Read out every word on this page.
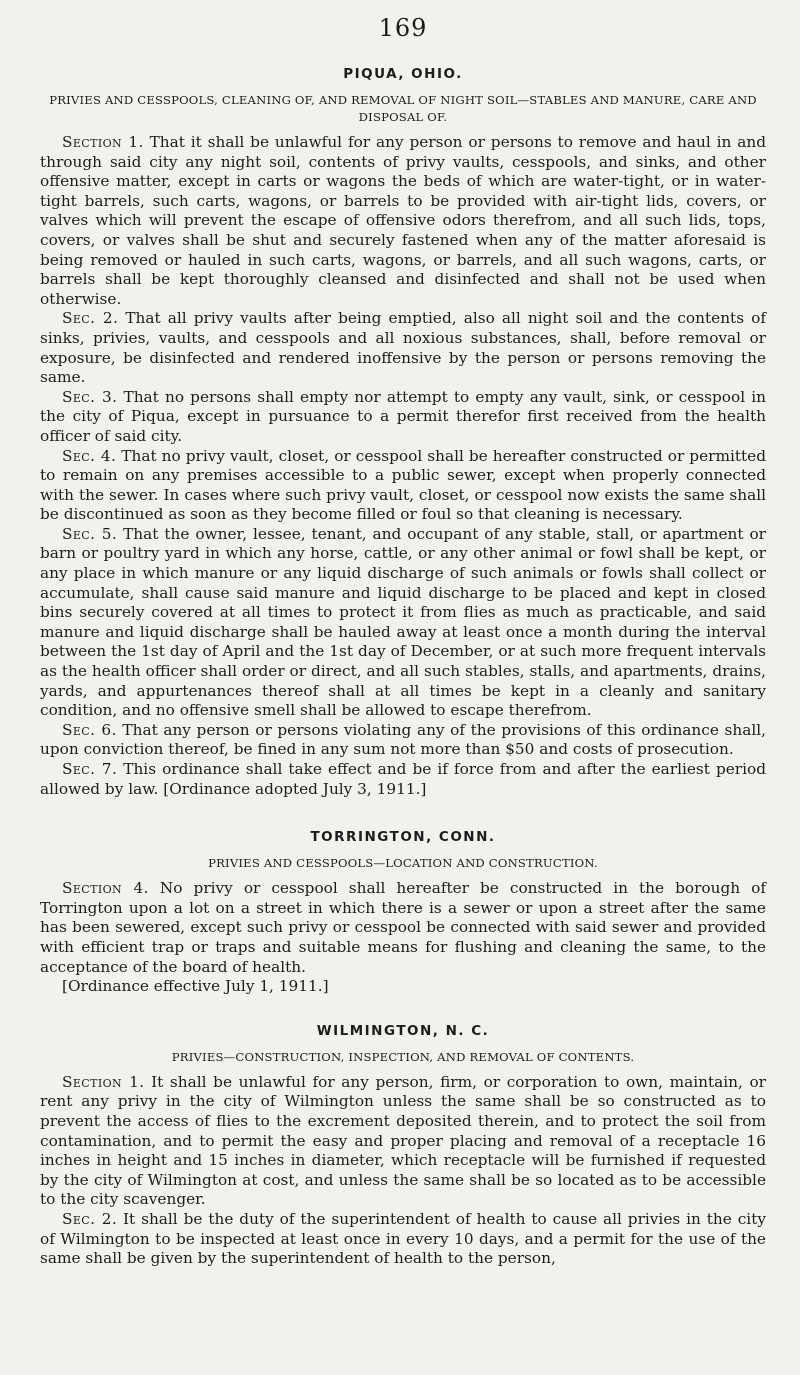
169
PIQUA, OHIO.
PRIVIES AND CESSPOOLS, CLEANING OF, AND REMOVAL OF NIGHT SOIL—STABLES AND MANURE, CARE AND DISPOSAL OF.

Section 1. That it shall be unlawful for any person or persons to remove and haul in and through said city any night soil, contents of privy vaults, cesspools, and sinks, and other offensive matter, except in carts or wagons the beds of which are water-tight, or in water-tight barrels, such carts, wagons, or barrels to be provided with air-tight lids, covers, or valves which will prevent the escape of offensive odors therefrom, and all such lids, tops, covers, or valves shall be shut and securely fastened when any of the matter aforesaid is being removed or hauled in such carts, wagons, or barrels, and all such wagons, carts, or barrels shall be kept thoroughly cleansed and disinfected and shall not be used when otherwise.

Sec. 2. That all privy vaults after being emptied, also all night soil and the contents of sinks, privies, vaults, and cesspools and all noxious substances, shall, before removal or exposure, be disinfected and rendered inoffensive by the person or persons removing the same.

Sec. 3. That no persons shall empty nor attempt to empty any vault, sink, or cesspool in the city of Piqua, except in pursuance to a permit therefor first received from the health officer of said city.

Sec. 4. That no privy vault, closet, or cesspool shall be hereafter constructed or permitted to remain on any premises accessible to a public sewer, except when properly connected with the sewer. In cases where such privy vault, closet, or cesspool now exists the same shall be discontinued as soon as they become filled or foul so that cleaning is necessary.

Sec. 5. That the owner, lessee, tenant, and occupant of any stable, stall, or apartment or barn or poultry yard in which any horse, cattle, or any other animal or fowl shall be kept, or any place in which manure or any liquid discharge of such animals or fowls shall collect or accumulate, shall cause said manure and liquid discharge to be placed and kept in closed bins securely covered at all times to protect it from flies as much as practicable, and said manure and liquid discharge shall be hauled away at least once a month during the interval between the 1st day of April and the 1st day of December, or at such more frequent intervals as the health officer shall order or direct, and all such stables, stalls, and apartments, drains, yards, and appurtenances thereof shall at all times be kept in a cleanly and sanitary condition, and no offensive smell shall be allowed to escape therefrom.

Sec. 6. That any person or persons violating any of the provisions of this ordinance shall, upon conviction thereof, be fined in any sum not more than $50 and costs of prosecution.

Sec. 7. This ordinance shall take effect and be if force from and after the earliest period allowed by law. [Ordinance adopted July 3, 1911.]

TORRINGTON, CONN.
PRIVIES AND CESSPOOLS—LOCATION AND CONSTRUCTION.

Section 4. No privy or cesspool shall hereafter be constructed in the borough of Torrington upon a lot on a street in which there is a sewer or upon a street after the same has been sewered, except such privy or cesspool be connected with said sewer and provided with efficient trap or traps and suitable means for flushing and cleaning the same, to the acceptance of the board of health.

[Ordinance effective July 1, 1911.]

WILMINGTON, N. C.
PRIVIES—CONSTRUCTION, INSPECTION, AND REMOVAL OF CONTENTS.

Section 1. It shall be unlawful for any person, firm, or corporation to own, maintain, or rent any privy in the city of Wilmington unless the same shall be so constructed as to prevent the access of flies to the excrement deposited therein, and to protect the soil from contamination, and to permit the easy and proper placing and removal of a receptacle 16 inches in height and 15 inches in diameter, which receptacle will be furnished if requested by the city of Wilmington at cost, and unless the same shall be so located as to be accessible to the city scavenger.

Sec. 2. It shall be the duty of the superintendent of health to cause all privies in the city of Wilmington to be inspected at least once in every 10 days, and a permit for the use of the same shall be given by the superintendent of health to the person,
